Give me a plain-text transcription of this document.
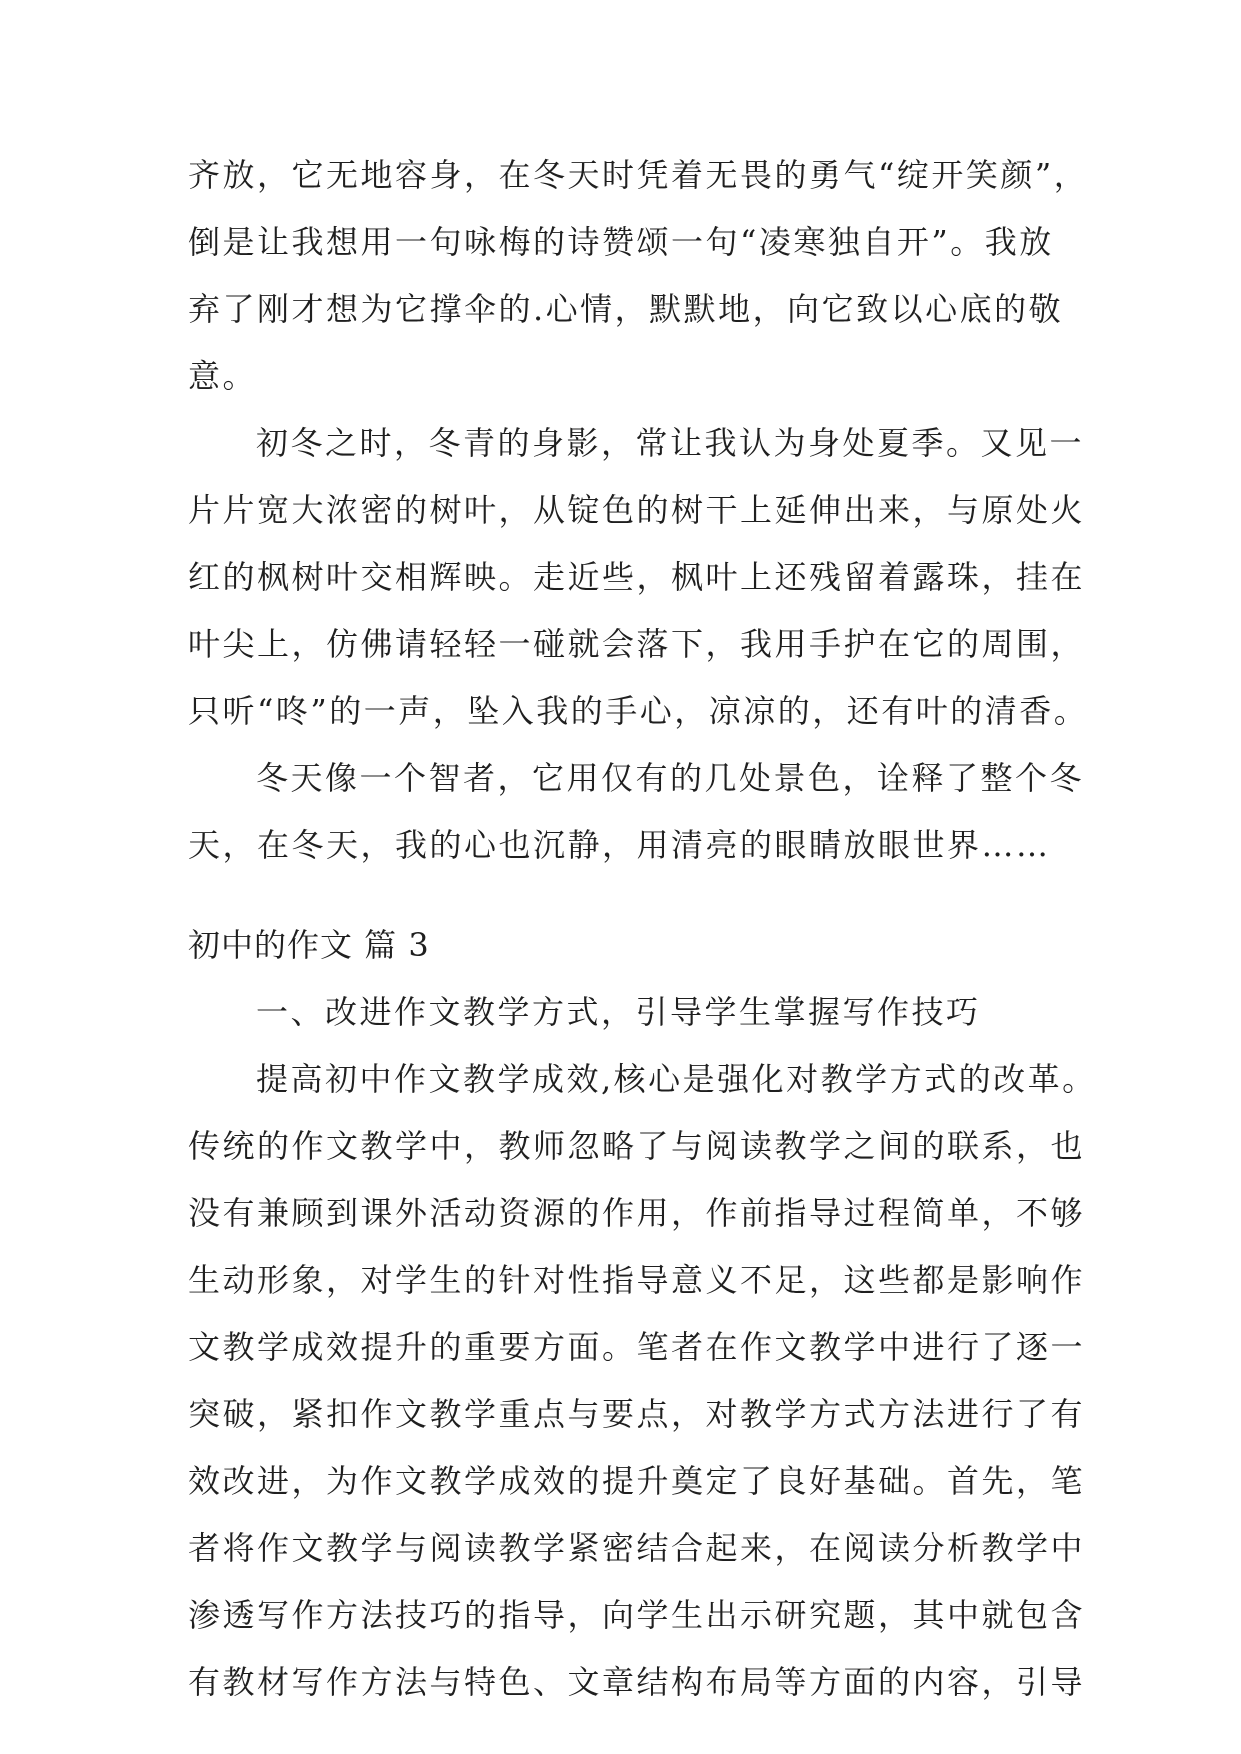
齐放，它无地容身，在冬天时凭着无畏的勇气“绽开笑颜”，
倒是让我想用一句咏梅的诗赞颂一句“凌寒独自开”。我放
弃了刚才想为它撑伞的.心情，默默地，向它致以心底的敬
意。
初冬之时，冬青的身影，常让我认为身处夏季。又见一
片片宽大浓密的树叶，从锭色的树干上延伸出来，与原处火
红的枫树叶交相辉映。走近些，枫叶上还残留着露珠，挂在
叶尖上，仿佛请轻轻一碰就会落下，我用手护在它的周围，
只听“咚”的一声，坠入我的手心，凉凉的，还有叶的清香。
冬天像一个智者，它用仅有的几处景色，诠释了整个冬
天，在冬天，我的心也沉静，用清亮的眼睛放眼世界……
初中的作文 篇 3
一、改进作文教学方式，引导学生掌握写作技巧
提高初中作文教学成效,核心是强化对教学方式的改革。
传统的作文教学中，教师忽略了与阅读教学之间的联系，也
没有兼顾到课外活动资源的作用，作前指导过程简单，不够
生动形象，对学生的针对性指导意义不足，这些都是影响作
文教学成效提升的重要方面。笔者在作文教学中进行了逐一
突破，紧扣作文教学重点与要点，对教学方式方法进行了有
效改进，为作文教学成效的提升奠定了良好基础。首先，笔
者将作文教学与阅读教学紧密结合起来，在阅读分析教学中
渗透写作方法技巧的指导，向学生出示研究题，其中就包含
有教材写作方法与特色、文章结构布局等方面的内容，引导
